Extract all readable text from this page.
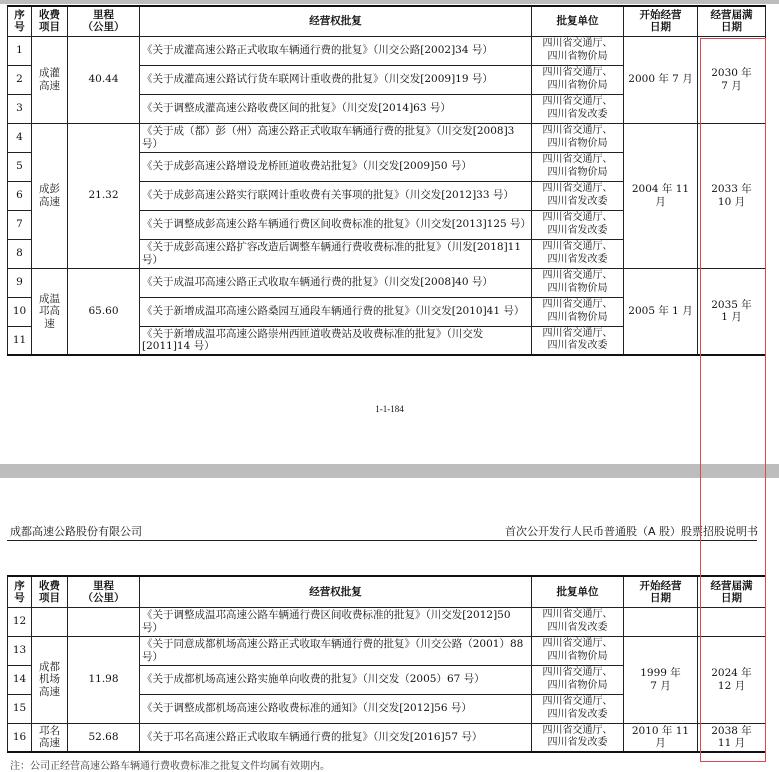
序
号	收费
项目	里程
（公里）	经营权批复	批复单位	开始经营
日期	经营届满
日期
1	成灌
高速	40.44	《关于成灌高速公路正式收取车辆通行费的批复》（川交公路[2002]34 号）	四川省交通厅、
四川省物价局	2000 年 7 月	2030 年
7 月
2			《关于成灌高速公路试行货车联网计重收费的批复》（川交发[2009]19 号）	四川省交通厅、
四川省物价局		
3			《关于调整成灌高速公路收费区间的批复》（川交发[2014]63 号）	四川省交通厅、
四川省发改委		
4	成彭
高速	21.32	《关于成（都）彭（州）高速公路正式收取车辆通行费的批复》（川交发[2008]3 号）	四川省交通厅、
四川省物价局	2004 年 11 月	2033 年
10 月
5			《关于成彭高速公路增设龙桥匝道收费站批复》（川交发[2009]50 号）	四川省交通厅、
四川省物价局		
6			《关于成彭高速公路实行联网计重收费有关事项的批复》（川交发[2012]33 号）	四川省交通厅、
四川省发改委		
7			《关于调整成彭高速公路车辆通行费区间收费标准的批复》（川交发[2013]125 号）	四川省交通厅、
四川省发改委		
8			《关于成彭高速公路扩容改造后调整车辆通行费收费标准的批复》（川发[2018]11 号）	四川省交通厅、
四川省发改委		
9	成温
邛高
速	65.60	《关于成温邛高速公路正式收取车辆通行费的批复》（川交发[2008]40 号）	四川省交通厅、
四川省物价局	2005 年 1 月	2035 年
1 月
10			《关于新增成温邛高速公路桑园互通段车辆通行费的批复》（川交发[2010]41 号）	四川省交通厅、
四川省物价局		
11			《关于新增成温邛高速公路崇州西匝道收费站及收费标准的批复》（川交发[2011]14 号）	四川省交通厅、
四川省发改委		
1-1-184
成都高速公路股份有限公司	首次公开发行人民币普通股（A 股）股票招股说明书
序
号	收费
项目	里程
（公里）	经营权批复	批复单位	开始经营
日期	经营届满
日期
12			《关于调整成温邛高速公路车辆通行费区间收费标准的批复》（川交发[2012]50 号）	四川省交通厅、
四川省发改委		
13	成都
机场
高速	11.98	《关于同意成都机场高速公路正式收取车辆通行费的批复》（川交公路（2001）88 号）	四川省交通厅、
四川省物价局	1999 年
7 月	2024 年
12 月
14			《关于成都机场高速公路实施单向收费的批复》（川交发（2005）67 号）	四川省交通厅、
四川省物价局		
15			《关于调整成都机场高速公路收费标准的通知》（川交发[2012]56 号）	四川省交通厅、
四川省发改委		
16	邛名
高速	52.68	《关于邛名高速公路正式收取车辆通行费的批复》（川交发[2016]57 号）	四川省交通厅、
四川省发改委	2010 年 11 月	2038 年
11 月
注：公司正经营高速公路车辆通行费收费标准之批复文件均属有效期内。
